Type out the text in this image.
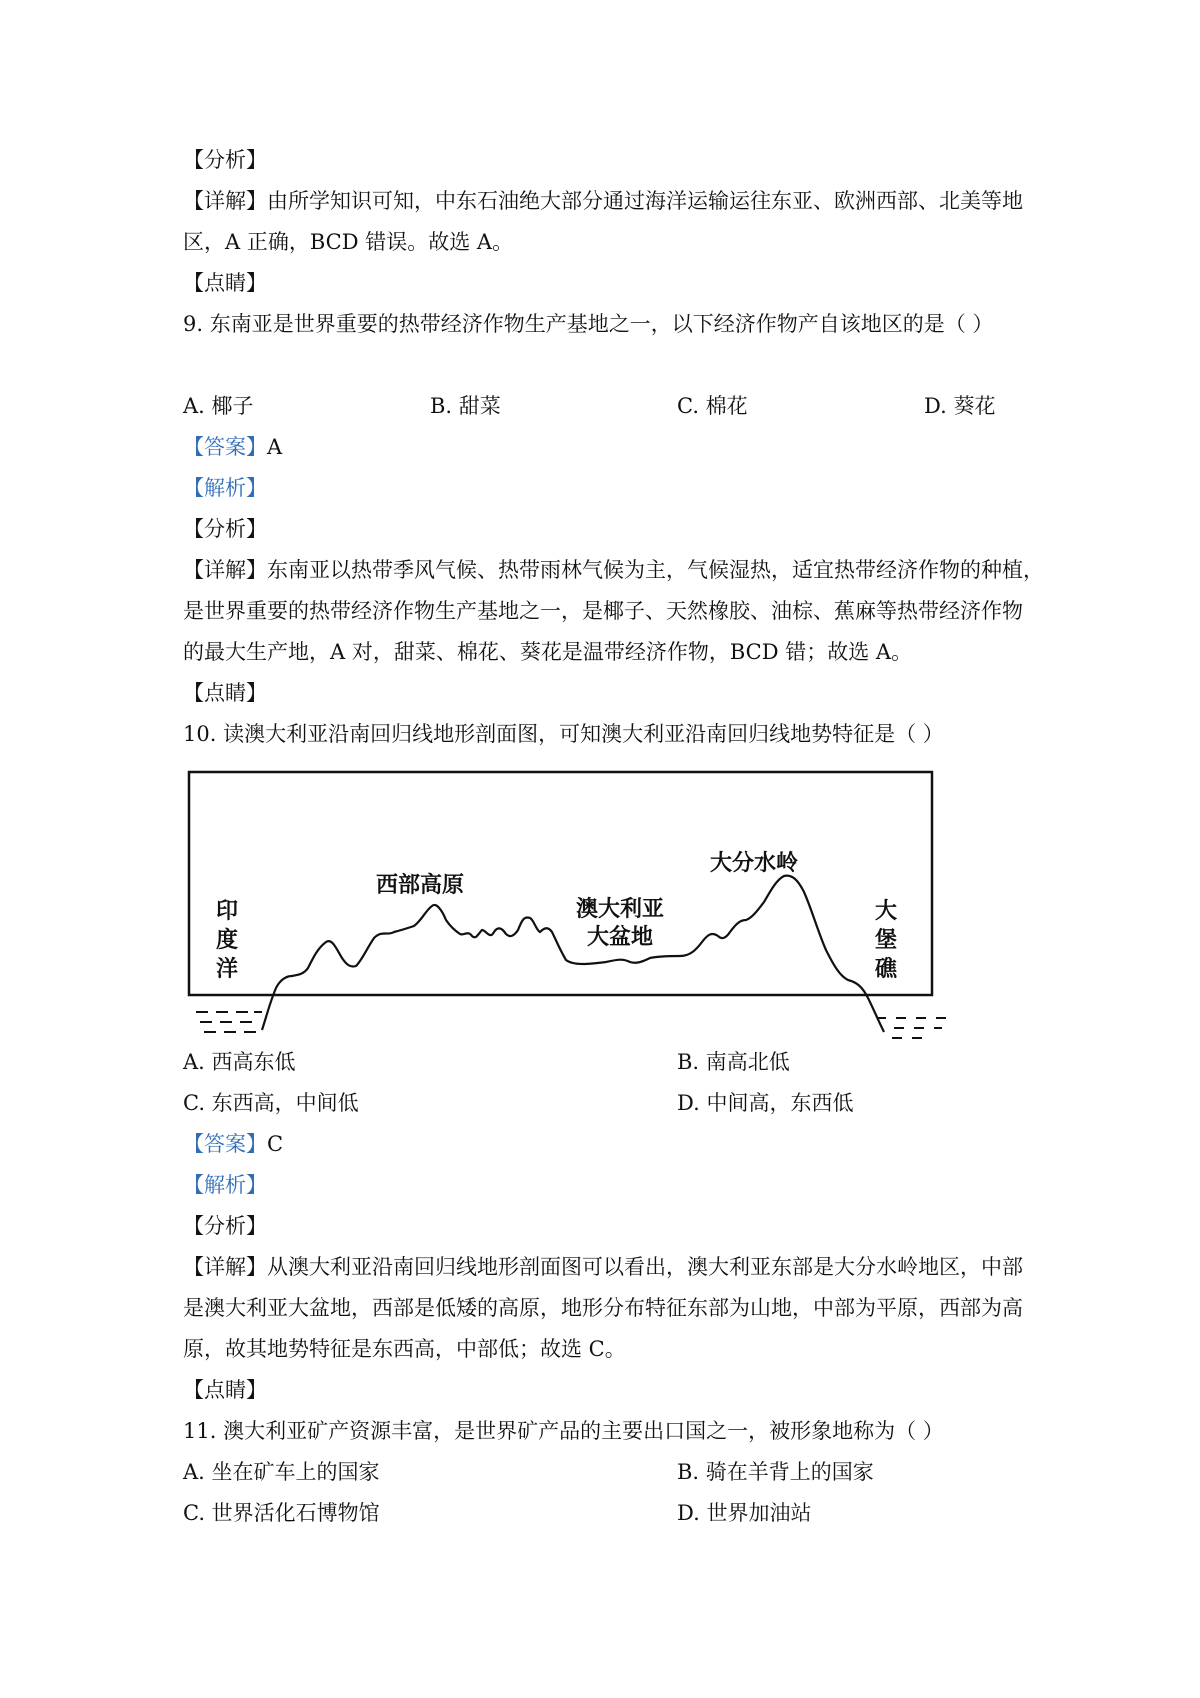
【分析】
【详解】由所学知识可知，中东石油绝大部分通过海洋运输运往东亚、欧洲西部、北美等地
区，A 正确，BCD 错误。故选 A。
【点睛】
9. 东南亚是世界重要的热带经济作物生产基地之一，以下经济作物产自该地区的是（ ）
A. 椰子	B. 甜菜	C. 棉花	D. 葵花
【答案】A
【解析】
【分析】
【详解】东南亚以热带季风气候、热带雨林气候为主，气候湿热，适宜热带经济作物的种植，
是世界重要的热带经济作物生产基地之一，是椰子、天然橡胶、油棕、蕉麻等热带经济作物
的最大生产地，A 对，甜菜、棉花、葵花是温带经济作物，BCD 错；故选 A。
【点睛】
10. 读澳大利亚沿南回归线地形剖面图，可知澳大利亚沿南回归线地势特征是（ ）
印
度
洋
西部高原
澳大利亚
大盆地
大分水岭
大
堡
礁
A. 西高东低	B. 南高北低
C. 东西高，中间低	D. 中间高，东西低
【答案】C
【解析】
【分析】
【详解】从澳大利亚沿南回归线地形剖面图可以看出，澳大利亚东部是大分水岭地区，中部
是澳大利亚大盆地，西部是低矮的高原，地形分布特征东部为山地，中部为平原，西部为高
原，故其地势特征是东西高，中部低；故选 C。
【点睛】
11. 澳大利亚矿产资源丰富，是世界矿产品的主要出口国之一，被形象地称为（ ）
A. 坐在矿车上的国家	B. 骑在羊背上的国家
C. 世界活化石博物馆	D. 世界加油站
